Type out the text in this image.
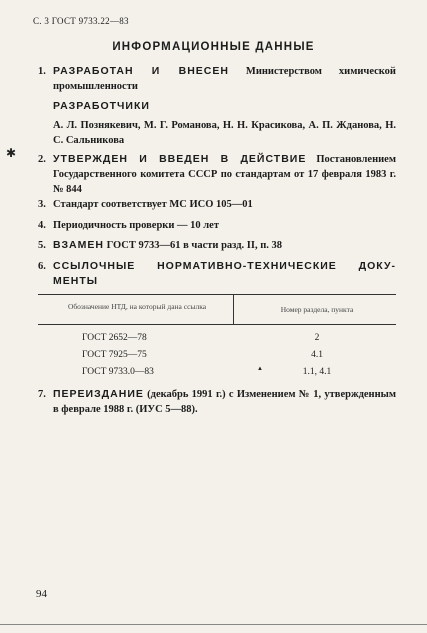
С. 3 ГОСТ 9733.22—83
ИНФОРМАЦИОННЫЕ ДАННЫЕ
1. РАЗРАБОТАН И ВНЕСЕН Министерством химической промышленности
РАЗРАБОТЧИКИ
А. Л. Познякевич, М. Г. Романова, Н. Н. Красикова, А. П. Жданова, Н. С. Сальникова
✱ 2. УТВЕРЖДЕН И ВВЕДЕН В ДЕЙСТВИЕ Постановлением Государственного комитета СССР по стандартам от 17 февраля 1983 г. № 844
3. Стандарт соответствует МС ИСО 105—01
4. Периодичность проверки — 10 лет
5. ВЗАМЕН ГОСТ 9733—61 в части разд. II, п. 38
6. ССЫЛОЧНЫЕ НОРМАТИВНО-ТЕХНИЧЕСКИЕ ДОКУ-
МЕНТЫ
Обозначение НТД, на который дана ссылка	Номер раздела, пункта
ГОСТ 2652—78	2
ГОСТ 7925—75	4.1
ГОСТ 9733.0—83	1.1, 4.1
▲
7. ПЕРЕИЗДАНИЕ (декабрь 1991 г.) с Изменением № 1, утвержденным в феврале 1988 г. (ИУС 5—88).
94
